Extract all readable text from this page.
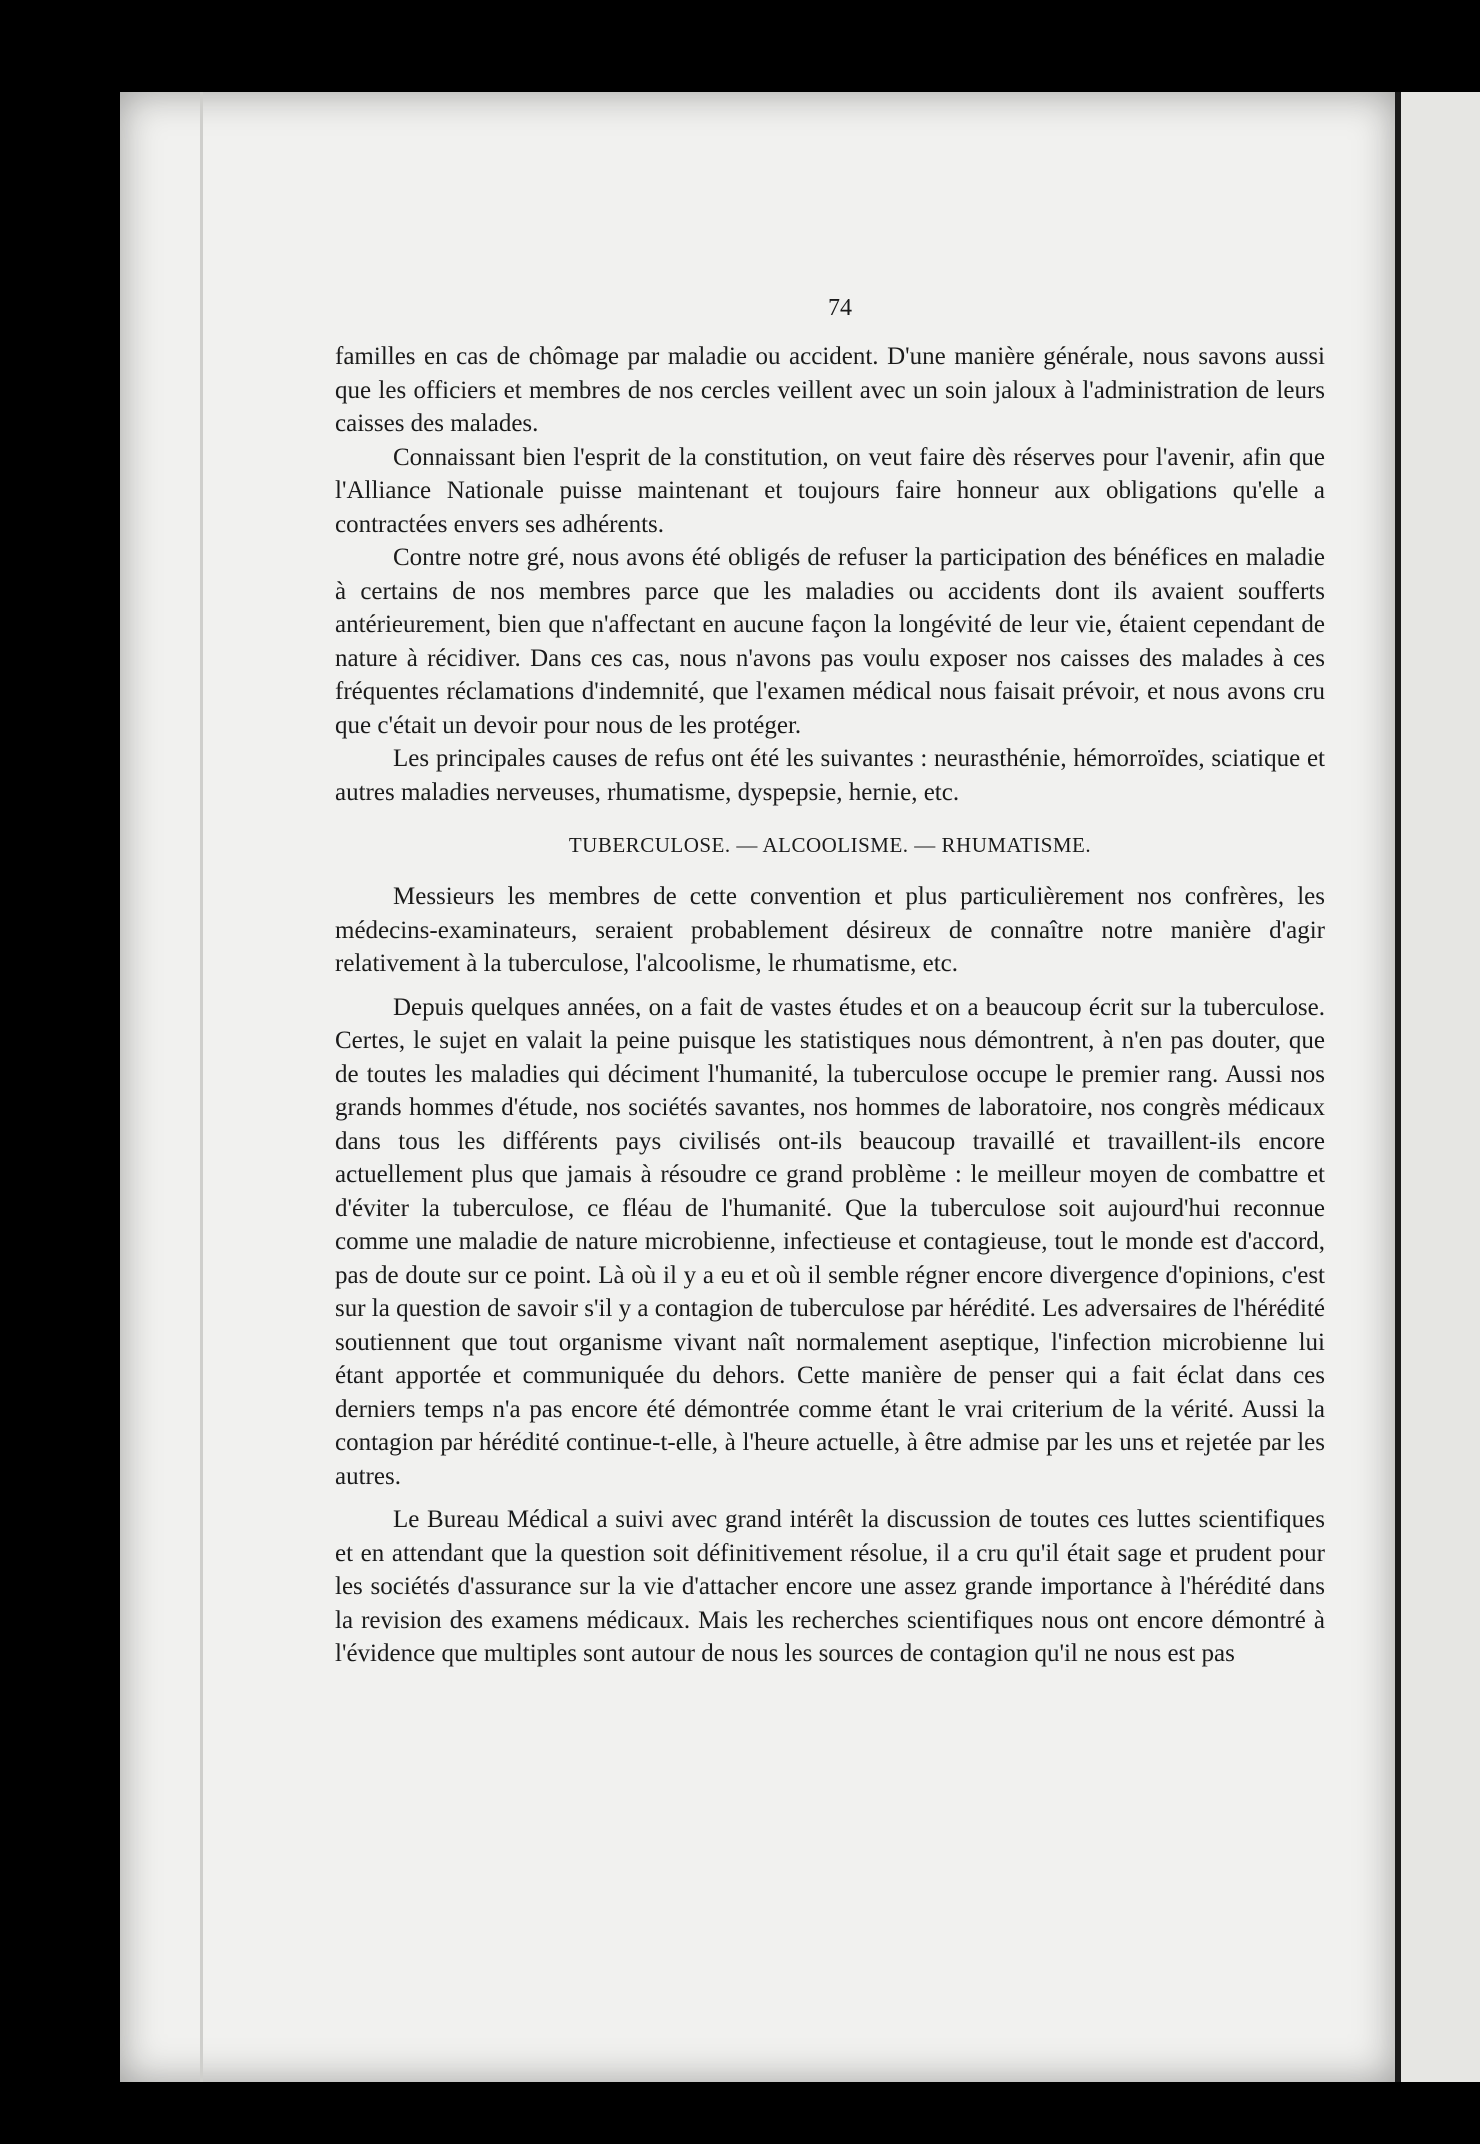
74

familles en cas de chômage par maladie ou accident. D'une manière générale, nous savons aussi que les officiers et membres de nos cercles veillent avec un soin jaloux à l'administration de leurs caisses des malades.

Connaissant bien l'esprit de la constitution, on veut faire dès réserves pour l'avenir, afin que l'Alliance Nationale puisse maintenant et toujours faire honneur aux obligations qu'elle a contractées envers ses adhérents.

Contre notre gré, nous avons été obligés de refuser la participation des bénéfices en maladie à certains de nos membres parce que les maladies ou accidents dont ils avaient soufferts antérieurement, bien que n'affectant en aucune façon la longévité de leur vie, étaient cependant de nature à récidiver. Dans ces cas, nous n'avons pas voulu exposer nos caisses des malades à ces fréquentes réclamations d'indemnité, que l'examen médical nous faisait prévoir, et nous avons cru que c'était un devoir pour nous de les protéger.

Les principales causes de refus ont été les suivantes : neurasthénie, hémorroïdes, sciatique et autres maladies nerveuses, rhumatisme, dyspepsie, hernie, etc.

TUBERCULOSE. — ALCOOLISME. — RHUMATISME.

Messieurs les membres de cette convention et plus particulièrement nos confrères, les médecins-examinateurs, seraient probablement désireux de connaître notre manière d'agir relativement à la tuberculose, l'alcoolisme, le rhumatisme, etc.

Depuis quelques années, on a fait de vastes études et on a beaucoup écrit sur la tuberculose. Certes, le sujet en valait la peine puisque les statistiques nous démontrent, à n'en pas douter, que de toutes les maladies qui déciment l'humanité, la tuberculose occupe le premier rang. Aussi nos grands hommes d'étude, nos sociétés savantes, nos hommes de laboratoire, nos congrès médicaux dans tous les différents pays civilisés ont-ils beaucoup travaillé et travaillent-ils encore actuellement plus que jamais à résoudre ce grand problème : le meilleur moyen de combattre et d'éviter la tuberculose, ce fléau de l'humanité. Que la tuberculose soit aujourd'hui reconnue comme une maladie de nature microbienne, infectieuse et contagieuse, tout le monde est d'accord, pas de doute sur ce point. Là où il y a eu et où il semble régner encore divergence d'opinions, c'est sur la question de savoir s'il y a contagion de tuberculose par hérédité. Les adversaires de l'hérédité soutiennent que tout organisme vivant naît normalement aseptique, l'infection microbienne lui étant apportée et communiquée du dehors. Cette manière de penser qui a fait éclat dans ces derniers temps n'a pas encore été démontrée comme étant le vrai criterium de la vérité. Aussi la contagion par hérédité continue-t-elle, à l'heure actuelle, à être admise par les uns et rejetée par les autres.

Le Bureau Médical a suivi avec grand intérêt la discussion de toutes ces luttes scientifiques et en attendant que la question soit définitivement résolue, il a cru qu'il était sage et prudent pour les sociétés d'assurance sur la vie d'attacher encore une assez grande importance à l'hérédité dans la revision des examens médicaux. Mais les recherches scientifiques nous ont encore démontré à l'évidence que multiples sont autour de nous les sources de contagion qu'il ne nous est pas
